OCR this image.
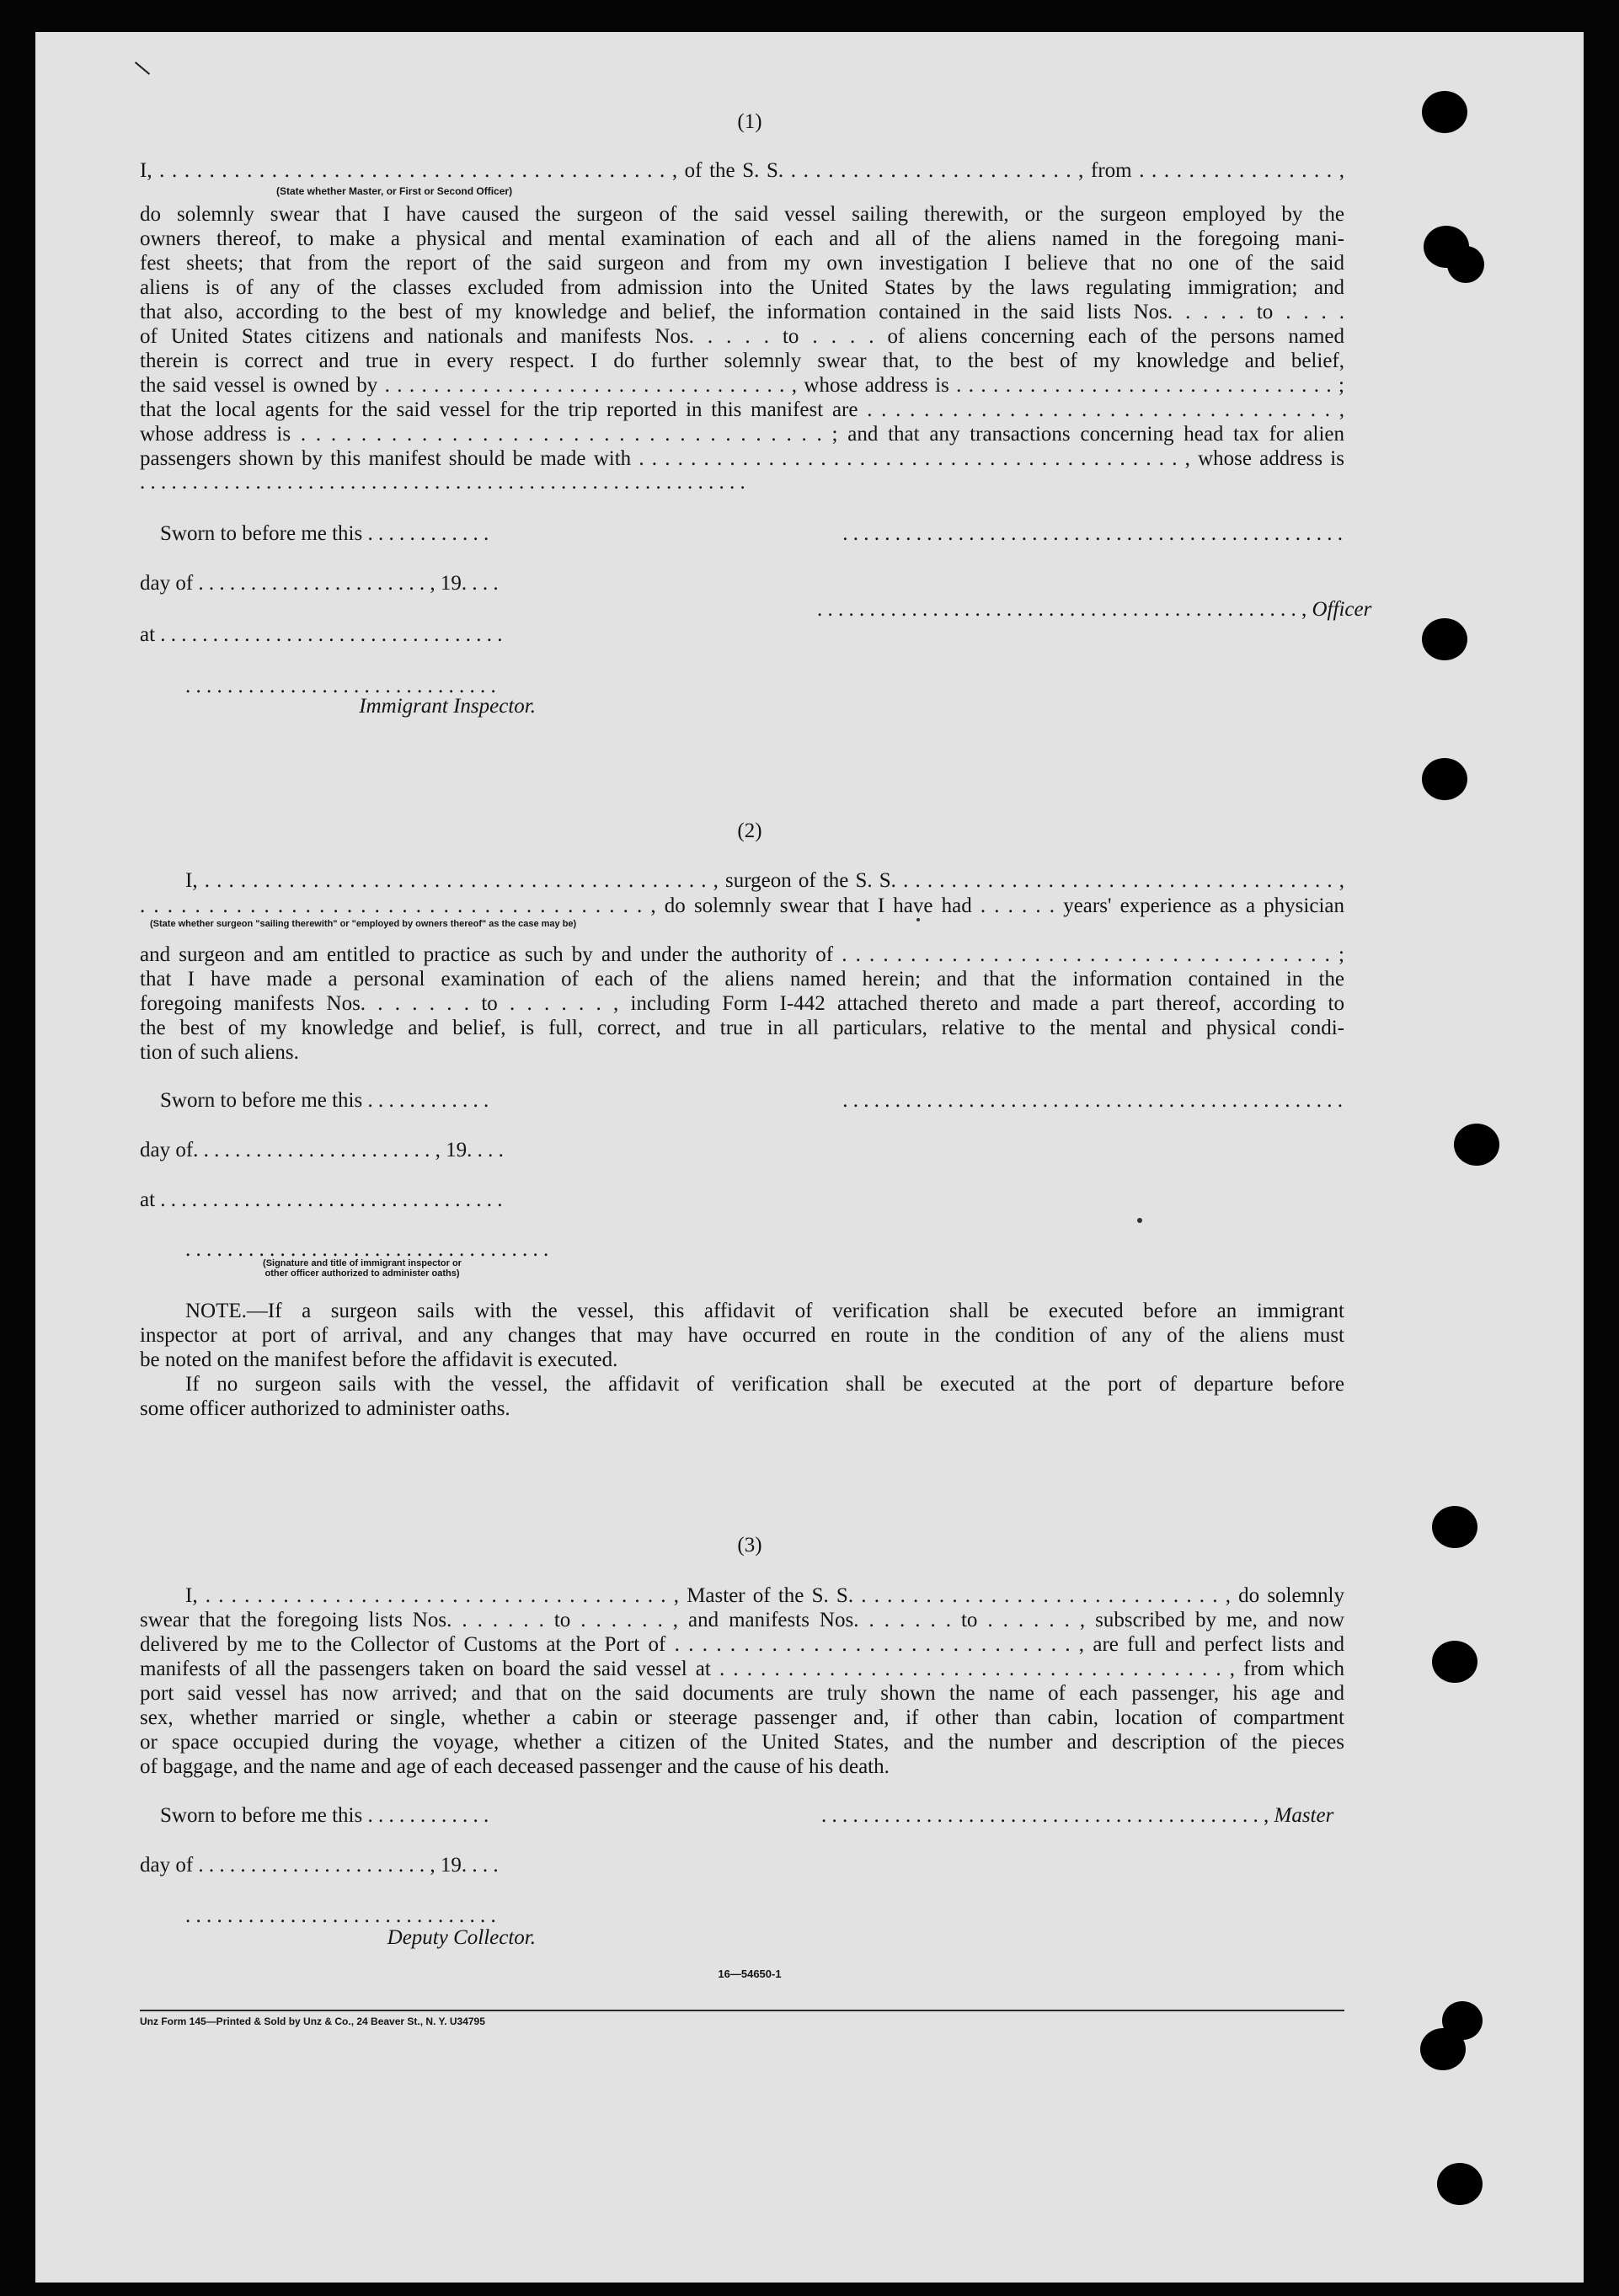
(1)
I, . . . . . . . . . . . . . . . . . . . . . . . . . . . . . . . . . . . . . . . . . , of the S. S. . . . . . . . . . . . . . . . . . . . . . . . , from . . . . . . . . . . . . . . . . ,
(State whether Master, or First or Second Officer)
do solemnly swear that I have caused the surgeon of the said vessel sailing therewith, or the surgeon employed by the
owners thereof, to make a physical and mental examination of each and all of the aliens named in the foregoing mani-
fest sheets; that from the report of the said surgeon and from my own investigation I believe that no one of the said
aliens is of any of the classes excluded from admission into the United States by the laws regulating immigration; and
that also, according to the best of my knowledge and belief, the information contained in the said lists Nos. . . . . to . . . .
of United States citizens and nationals and manifests Nos. . . . . to . . . . of aliens concerning each of the persons named
therein is correct and true in every respect. I do further solemnly swear that, to the best of my knowledge and belief,
the said vessel is owned by . . . . . . . . . . . . . . . . . . . . . . . . . . . . . . . . . , whose address is . . . . . . . . . . . . . . . . . . . . . . . . . . . . . . . ;
that the local agents for the said vessel for the trip reported in this manifest are . . . . . . . . . . . . . . . . . . . . . . . . . . . . . . . . . ,
whose address is . . . . . . . . . . . . . . . . . . . . . . . . . . . . . . . . . . . ; and that any transactions concerning head tax for alien
passengers shown by this manifest should be made with . . . . . . . . . . . . . . . . . . . . . . . . . . . . . . . . . . . . . . . . . . , whose address is
. . . . . . . . . . . . . . . . . . . . . . . . . . . . . . . . . . . . . . . . . . . . . . . . . . . . . . . . . .
Sworn to before me this . . . . . . . . . . . .	. . . . . . . . . . . . . . . . . . . . . . . . . . . . . . . . . . . . . . . . . . . . . . . .
day of . . . . . . . . . . . . . . . . . . . . . . , 19. . . .
. . . . . . . . . . . . . . . . . . . . . . . . . . . . . . . . . . . . . . . . . . . . . . , Officer
at . . . . . . . . . . . . . . . . . . . . . . . . . . . . . . . . .
. . . . . . . . . . . . . . . . . . . . . . . . . . . . . .
Immigrant Inspector.
(2)
I, . . . . . . . . . . . . . . . . . . . . . . . . . . . . . . . . . . . . . . . . . . , surgeon of the S. S. . . . . . . . . . . . . . . . . . . . . . . . . . . . . . . . . . . . . ,
. . . . . . . . . . . . . . . . . . . . . . . . . . . . . . . . . . . . . , do solemnly swear that I have had . . . . . . years' experience as a physician
(State whether surgeon "sailing therewith" or "employed by owners thereof" as the case may be)
and surgeon and am entitled to practice as such by and under the authority of . . . . . . . . . . . . . . . . . . . . . . . . . . . . . . . . . . . . ;
that I have made a personal examination of each of the aliens named herein; and that the information contained in the
foregoing manifests Nos. . . . . . . to . . . . . . , including Form I-442 attached thereto and made a part thereof, according to
the best of my knowledge and belief, is full, correct, and true in all particulars, relative to the mental and physical condi-
tion of such aliens.
Sworn to before me this . . . . . . . . . . . .	. . . . . . . . . . . . . . . . . . . . . . . . . . . . . . . . . . . . . . . . . . . . . . . .
day of. . . . . . . . . . . . . . . . . . . . . . . , 19. . . .
at . . . . . . . . . . . . . . . . . . . . . . . . . . . . . . . . .
. . . . . . . . . . . . . . . . . . . . . . . . . . . . . . . . . . .
(Signature and title of immigrant inspector or
other officer authorized to administer oaths)
NOTE.—If a surgeon sails with the vessel, this affidavit of verification shall be executed before an immigrant
inspector at port of arrival, and any changes that may have occurred en route in the condition of any of the aliens must
be noted on the manifest before the affidavit is executed.
If no surgeon sails with the vessel, the affidavit of verification shall be executed at the port of departure before
some officer authorized to administer oaths.
(3)
I, . . . . . . . . . . . . . . . . . . . . . . . . . . . . . . . . . . . . , Master of the S. S. . . . . . . . . . . . . . . . . . . . . . . . . . . . . , do solemnly
swear that the foregoing lists Nos. . . . . . . to . . . . . . , and manifests Nos. . . . . . . to . . . . . . , subscribed by me, and now
delivered by me to the Collector of Customs at the Port of . . . . . . . . . . . . . . . . . . . . . . . . . . . . . , are full and perfect lists and
manifests of all the passengers taken on board the said vessel at . . . . . . . . . . . . . . . . . . . . . . . . . . . . . . . . . . . . . , from which
port said vessel has now arrived; and that on the said documents are truly shown the name of each passenger, his age and
sex, whether married or single, whether a cabin or steerage passenger and, if other than cabin, location of compartment
or space occupied during the voyage, whether a citizen of the United States, and the number and description of the pieces
of baggage, and the name and age of each deceased passenger and the cause of his death.
Sworn to before me this . . . . . . . . . . . .	. . . . . . . . . . . . . . . . . . . . . . . . . . . . . . . . . . . . . . . . . . , Master
day of . . . . . . . . . . . . . . . . . . . . . . , 19. . . .
. . . . . . . . . . . . . . . . . . . . . . . . . . . . . .
Deputy Collector.
16—54650-1
Unz Form 145—Printed & Sold by Unz & Co., 24 Beaver St., N. Y. U34795
